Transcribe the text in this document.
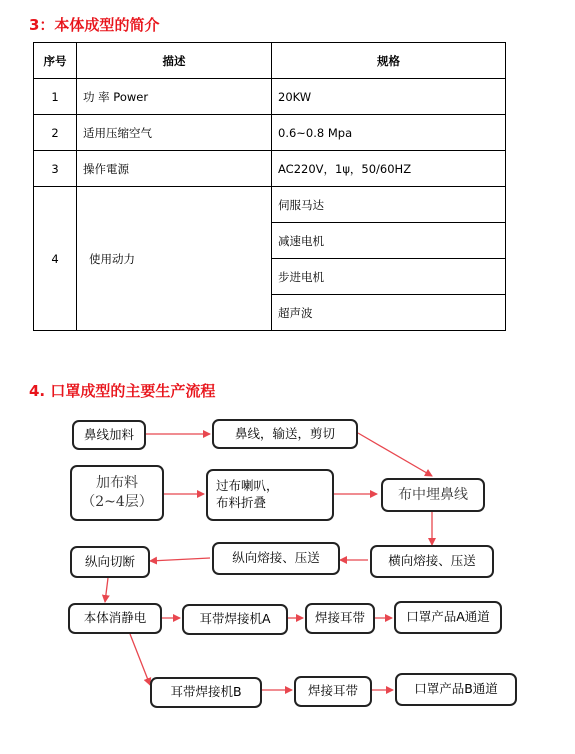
3：本体成型的简介
序号	描述	规格
1	功 率 Power	20KW
2	适用压缩空气	0.6~0.8 Mpa
3	操作電源	AC220V，1ψ，50/60HZ
4	使用动力	伺服马达
		减速电机
		步进电机
		超声波
4. 口罩成型的主要生产流程
鼻线加料	鼻线，输送，剪切
加布料
（2~4层）
过布喇叭，
布料折叠	布中埋鼻线
纵向切断	纵向熔接、压送	横向熔接、压送
本体消静电	耳带焊接机A	焊接耳带	口罩产品A通道
耳带焊接机B	焊接耳带	口罩产品B通道
